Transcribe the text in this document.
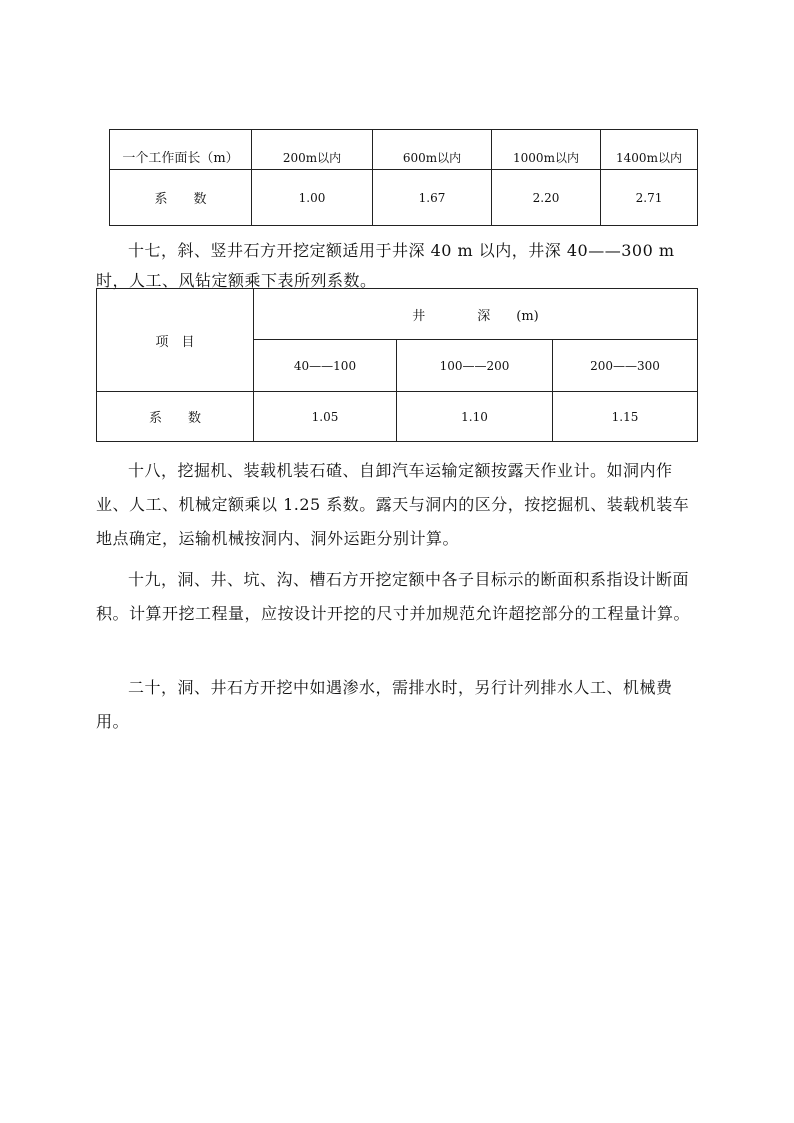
一个工作面长（m）	200m以内	600m以内	1000m以内	1400m以内
系　　数	1.00	1.67	2.20	2.71

十七，斜、竖井石方开挖定额适用于井深 40 m 以内，井深 40——300 m 时，人工、风钻定额乘下表所列系数。

项　目	井　　　　深　　(m)		
	40——100	100——200	200——300
系　　数	1.05	1.10	1.15

十八，挖掘机、装载机装石碴、自卸汽车运输定额按露天作业计。如洞内作业、人工、机械定额乘以 1.25 系数。露天与洞内的区分，按挖掘机、装载机装车地点确定，运输机械按洞内、洞外运距分别计算。

十九，洞、井、坑、沟、槽石方开挖定额中各子目标示的断面积系指设计断面积。计算开挖工程量，应按设计开挖的尺寸并加规范允许超挖部分的工程量计算。

二十，洞、井石方开挖中如遇渗水，需排水时，另行计列排水人工、机械费用。
